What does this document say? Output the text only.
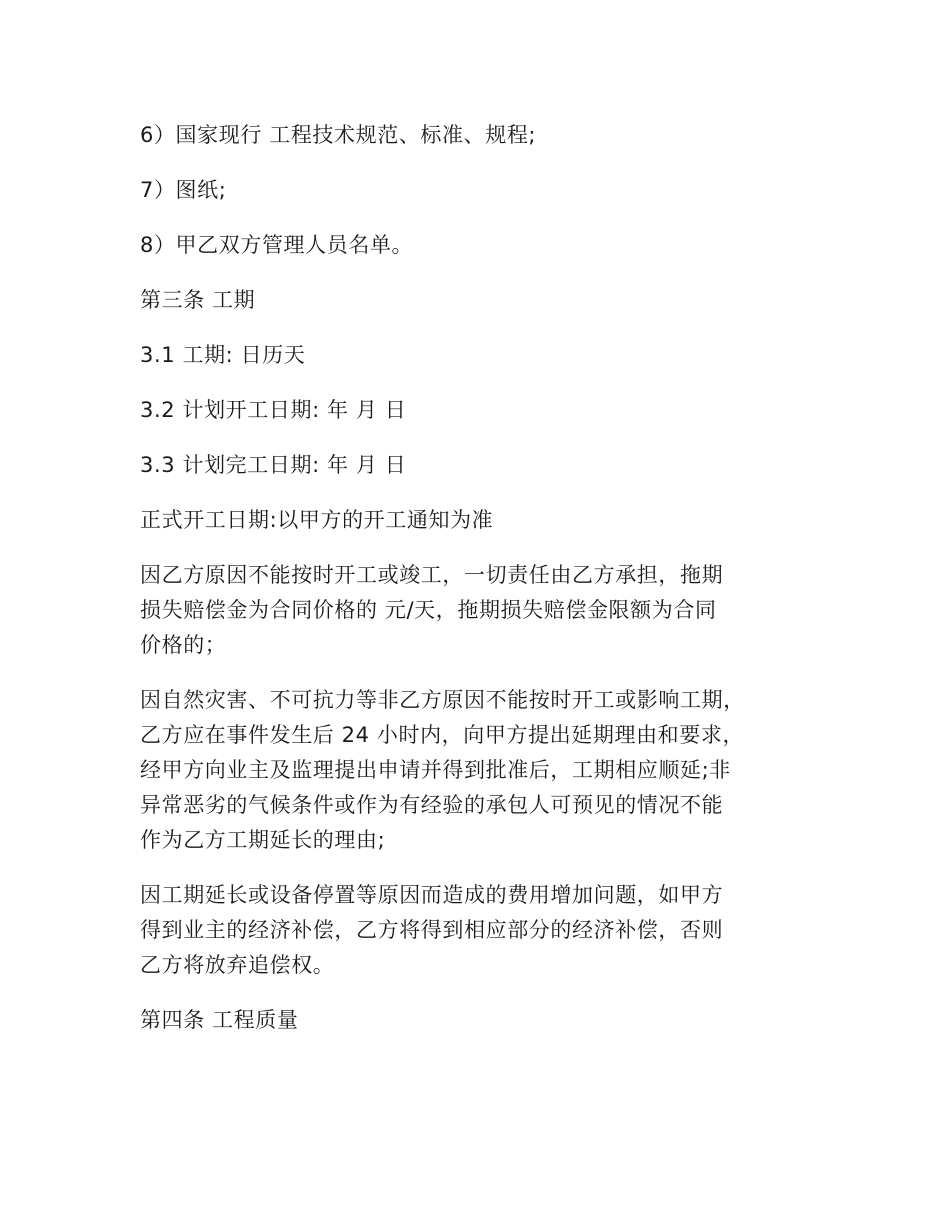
6）国家现行 工程技术规范、标准、规程;

7）图纸;

8）甲乙双方管理人员名单。

第三条 工期

3.1 工期: 日历天

3.2 计划开工日期: 年 月 日

3.3 计划完工日期: 年 月 日

正式开工日期:以甲方的开工通知为准

因乙方原因不能按时开工或竣工，一切责任由乙方承担，拖期
损失赔偿金为合同价格的 元/天，拖期损失赔偿金限额为合同
价格的；

因自然灾害、不可抗力等非乙方原因不能按时开工或影响工期，
乙方应在事件发生后 24 小时内，向甲方提出延期理由和要求，
经甲方向业主及监理提出申请并得到批准后，工期相应顺延;非
异常恶劣的气候条件或作为有经验的承包人可预见的情况不能
作为乙方工期延长的理由;

因工期延长或设备停置等原因而造成的费用增加问题，如甲方
得到业主的经济补偿，乙方将得到相应部分的经济补偿，否则
乙方将放弃追偿权。

第四条 工程质量
